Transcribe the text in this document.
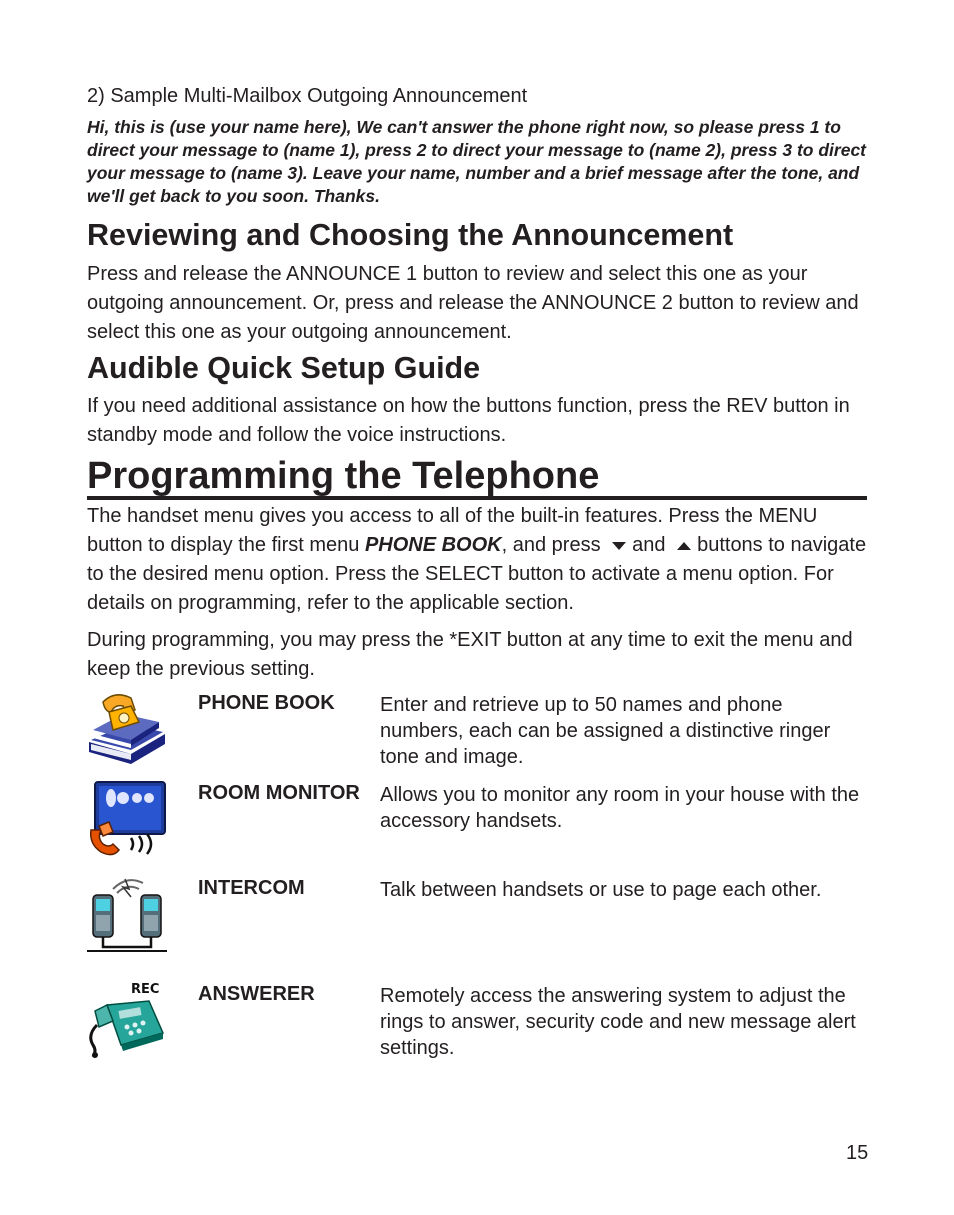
2) Sample Multi-Mailbox Outgoing Announcement

Hi, this is (use your name here), We can't answer the phone right now, so please press 1 to direct your message to (name 1), press 2 to direct your message to (name 2), press 3 to direct your message to (name 3). Leave your name, number and a brief message after the tone, and we'll get back to you soon. Thanks.

Reviewing and Choosing the Announcement

Press and release the ANNOUNCE 1 button to review and select this one as your outgoing announcement. Or, press and release the ANNOUNCE 2 button to review and select this one as your outgoing announcement.

Audible Quick Setup Guide

If you need additional assistance on how the buttons function, press the REV button in standby mode and follow the voice instructions.

Programming the Telephone

The handset menu gives you access to all of the built-in features. Press the MENU button to display the first menu PHONE BOOK, and press and buttons to navigate to the desired menu option. Press the SELECT button to activate a menu option. For details on programming, refer to the applicable section.

During programming, you may press the *EXIT button at any time to exit the menu and keep the previous setting.

PHONE BOOK Enter and retrieve up to 50 names and phone numbers, each can be assigned a distinctive ringer tone and image.
ROOM MONITOR Allows you to monitor any room in your house with the accessory handsets.
INTERCOM	Talk between handsets or use to page each other.
REC ANSWERER	Remotely access the answering system to adjust the rings to answer, security code and new message alert settings.
15
